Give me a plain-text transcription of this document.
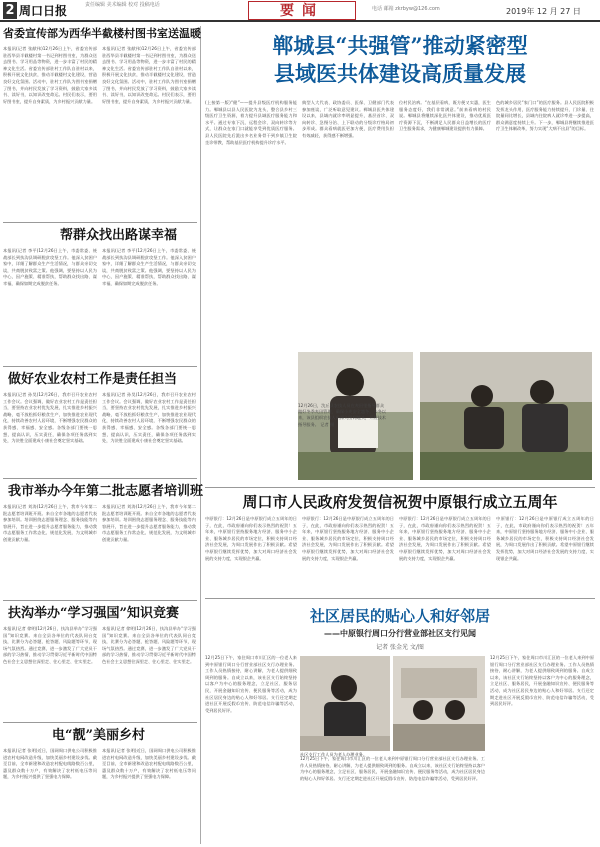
2 周口日报	责任编辑 美术编辑 校对 投稿电话	要闻	电话 邮箱 zkrbyw@126.com	2019年 12 月 27 日
省委宣传部为西华半截楼村图书室送温暖
本报讯(记者 张献伟)12月26日上午，省委宣传部驻西华县半截楼村第一书记到村图书室，为群众送去图书、学习用品等物资，进一步丰富了村民的精神文化生活。省委宣传部驻村工作队自驻村以来，积极开展文化扶贫，推动半截楼村文化建设，营造良好文化氛围。活动中，驻村工作队为图书室捐赠了图书，并向村民发放了学习资料，鼓励大家多读书、读好书，以知识改变命运。村民们表示，要用好图书室，提升自身素质，为乡村振兴贡献力量。
本报讯(记者 张献伟)12月26日上午，省委宣传部驻西华县半截楼村第一书记到村图书室，为群众送去图书、学习用品等物资，进一步丰富了村民的精神文化生活。省委宣传部驻村工作队自驻村以来，积极开展文化扶贫，推动半截楼村文化建设，营造良好文化氛围。活动中，驻村工作队为图书室捐赠了图书，并向村民发放了学习资料，鼓励大家多读书、读好书，以知识改变命运。村民们表示，要用好图书室，提升自身素质，为乡村振兴贡献力量。
帮群众找出路谋幸福
本报讯(记者 李平)12月26日上午，市委常委、统战部长到扶沟县调研脱贫攻坚工作。他深入贫困户家中，详细了解群众生产生活情况，与群众亲切交谈，共商脱贫致富之策。他强调，要坚持以人民为中心，因户施策、精准帮扶，帮助群众找出路、谋幸福，确保如期完成脱贫任务。
本报讯(记者 李平)12月26日上午，市委常委、统战部长到扶沟县调研脱贫攻坚工作。他深入贫困户家中，详细了解群众生产生活情况，与群众亲切交谈，共商脱贫致富之策。他强调，要坚持以人民为中心，因户施策、精准帮扶，帮助群众找出路、谋幸福，确保如期完成脱贫任务。
做好农业农村工作是责任担当
本报讯(记者 孙昊)12月26日，我市召开农业农村工作会议。会议强调，做好农业农村工作是责任担当，要坚持农业农村优先发展，扎实推进乡村振兴战略，毫不放松抓好粮食生产，加快推进农业现代化，持续改善农村人居环境，不断增强农民群众的获得感、幸福感、安全感。各级各部门要统一思想，提高认识，压实责任，确保各项任务落到实处，为决胜全面建成小康社会奠定坚实基础。
本报讯(记者 孙昊)12月26日，我市召开农业农村工作会议。会议强调，做好农业农村工作是责任担当，要坚持农业农村优先发展，扎实推进乡村振兴战略，毫不放松抓好粮食生产，加快推进农业现代化，持续改善农村人居环境，不断增强农民群众的获得感、幸福感、安全感。各级各部门要统一思想，提高认识，压实责任，确保各项任务落到实处，为决胜全面建成小康社会奠定坚实基础。
我市举办今年第二批志愿者培训班
本报讯(记者 刘涛)12月26日上午，我市今年第二批志愿者培训班开班。来自全市各地的志愿者代表参加培训。培训围绕志愿服务理念、服务技能等内容展开，旨在进一步提升志愿者服务能力，推动我市志愿服务工作常态化、规范化发展，为文明城市创建贡献力量。
本报讯(记者 刘涛)12月26日上午，我市今年第二批志愿者培训班开班。来自全市各地的志愿者代表参加培训。培训围绕志愿服务理念、服务技能等内容展开，旨在进一步提升志愿者服务能力，推动我市志愿服务工作常态化、规范化发展，为文明城市创建贡献力量。
扶沟举办“学习强国”知识竞赛
本报讯(记者 徐明)12月26日，扶沟县举办“学习强国”知识竞赛。来自全县各单位的代表队同台竞技，比赛分为必答题、抢答题、风险题等环节，现场气氛热烈。通过竞赛，进一步激发了广大党员干部的学习热情，推动学习贯彻习近平新时代中国特色社会主义思想往深里走、往心里走、往实里走。
本报讯(记者 徐明)12月26日，扶沟县举办“学习强国”知识竞赛。来自全县各单位的代表队同台竞技，比赛分为必答题、抢答题、风险题等环节，现场气氛热烈。通过竞赛，进一步激发了广大党员干部的学习热情，推动学习贯彻习近平新时代中国特色社会主义思想往深里走、往心里走、往实里走。
电“靓”美丽乡村
本报讯(记者 张明)近日，国网周口供电公司积极推进农村电网改造升级，加快美丽乡村建设步伐。截至目前，全市新建和改造农村配电线路数百公里，惠及群众数十万户，有效解决了农村低电压等问题，为乡村振兴提供了坚强电力保障。
本报讯(记者 张明)近日，国网周口供电公司积极推进农村电网改造升级，加快美丽乡村建设步伐。截至目前，全市新建和改造农村配电线路数百公里，惠及群众数十万户，有效解决了农村低电压等问题，为乡村振兴提供了坚强电力保障。
郸城县“共强管”推动紧密型
县域医共体建设高质量发展
(上接第一版)“健”——提升县级医疗机构服务能力。郸城县以县人民医院为龙头，整合县乡村三级医疗卫生资源，着力提升县域医疗服务能力和水平。通过专家下沉、远程会诊、双向转诊等方式，让群众在家门口就能享受到优质医疗服务。县人民医院先后派出多名业务骨干到乡镇卫生院坐诊带教，帮助基层医疗机构提升诊疗水平。
典型人大代表、政协委员、医保、卫健部门代表参加座谈，广泛听取意见建议。郸城县医共体建设以来，县域内就诊率明显提升，基层首诊、双向转诊、急慢分治、上下联动的分级诊疗格局初步形成。群众看病就医更加方便，医疗费用负担有效减轻，获得感不断增强。
位村民治病。“在基层看病，既方便又实惠，医生服务态度好，我们非常满意。”前来看病的村民说。郸城县将继续深化医共体建设，推动优质医疗资源下沉，不断满足人民群众日益增长的医疗卫生服务需求，为健康郸城建设提供有力保障。
色的城乡居民“家门口”的医疗服务。县人民医院积极发挥龙头作用，医疗服务能力持续提升，门诊量、住院量同比增长，县域内住院病人就诊率进一步提高，群众满意度持续上升。下一步，郸城县将继续推进医疗卫生体制改革，努力实现“大病不出县”的目标。
12月26日，沈丘县农技人员在麦田里指导群众做好冬季麦田管理，确保小麦安全越冬。今冬以来，该县组织农技人员深入田间地头，开展技术指导服务。 记者 摄
周口市人民政府发贺信祝贺中原银行成立五周年
中原银行：12月26日是中原银行成立五周年的日子，在此，市政府谨向你们表示热烈的祝贺！五年来，中原银行坚持服务地方经济、服务中小企业、服务城乡居民的市场定位，积极支持周口经济社会发展，为周口发展作出了积极贡献。希望中原银行继续发挥优势，加大对周口经济社会发展的支持力度，实现银企共赢。
中原银行：12月26日是中原银行成立五周年的日子，在此，市政府谨向你们表示热烈的祝贺！五年来，中原银行坚持服务地方经济、服务中小企业、服务城乡居民的市场定位，积极支持周口经济社会发展，为周口发展作出了积极贡献。希望中原银行继续发挥优势，加大对周口经济社会发展的支持力度，实现银企共赢。
中原银行：12月26日是中原银行成立五周年的日子，在此，市政府谨向你们表示热烈的祝贺！五年来，中原银行坚持服务地方经济、服务中小企业、服务城乡居民的市场定位，积极支持周口经济社会发展，为周口发展作出了积极贡献。希望中原银行继续发挥优势，加大对周口经济社会发展的支持力度，实现银企共赢。
中原银行：12月26日是中原银行成立五周年的日子，在此，市政府谨向你们表示热烈的祝贺！五年来，中原银行坚持服务地方经济、服务中小企业、服务城乡居民的市场定位，积极支持周口经济社会发展，为周口发展作出了积极贡献。希望中原银行继续发挥优势，加大对周口经济社会发展的支持力度，实现银企共赢。
社区居民的贴心人和好邻居
——中原银行周口分行营业部社区支行见闻
记者 张金光 文/图
12月25日下午，家住周口市川汇区的一位老人来到中原银行周口分行营业部社区支行办理业务。工作人员热情接待，耐心讲解，为老人提供细致周到的服务。自成立以来，该社区支行始终坚持以客户为中心的服务理念，立足社区、服务居民，开展金融知识宣传、便民服务等活动，成为社区居民身边的贴心人和好邻居。支行还定期走进社区开展反假币宣传、防范电信诈骗等活动，受到居民好评。
12月25日下午，家住周口市川汇区的一位老人来到中原银行周口分行营业部社区支行办理业务。工作人员热情接待，耐心讲解，为老人提供细致周到的服务。自成立以来，该社区支行始终坚持以客户为中心的服务理念，立足社区、服务居民，开展金融知识宣传、便民服务等活动，成为社区居民身边的贴心人和好邻居。支行还定期走进社区开展反假币宣传、防范电信诈骗等活动，受到居民好评。
12月25日下午，家住周口市川汇区的一位老人来到中原银行周口分行营业部社区支行办理业务。工作人员热情接待，耐心讲解，为老人提供细致周到的服务。自成立以来，该社区支行始终坚持以客户为中心的服务理念，立足社区、服务居民，开展金融知识宣传、便民服务等活动，成为社区居民身边的贴心人和好邻居。支行还定期走进社区开展反假币宣传、防范电信诈骗等活动，受到居民好评。
社区支行工作人员为老人办理业务。
